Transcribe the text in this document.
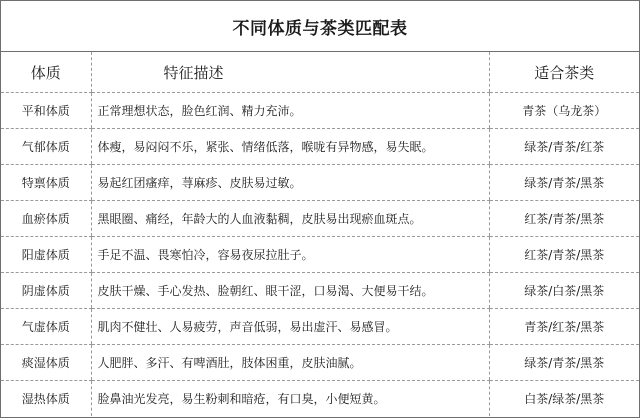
不同体质与茶类匹配表
体质	特征描述	适合茶类
平和体质	正常理想状态，脸色红润、精力充沛。	青茶（乌龙茶）
气郁体质	体瘦，易闷闷不乐，紧张、情绪低落，喉咙有异物感，易失眠。	绿茶/青茶/红茶
特禀体质	易起红团瘙痒，荨麻疹、皮肤易过敏。	绿茶/青茶/黑茶
血瘀体质	黑眼圈、痛经，年龄大的人血液黏稠，皮肤易出现瘀血斑点。	红茶/青茶/黑茶
阳虚体质	手足不温、畏寒怕冷，容易夜尿拉肚子。	红茶/青茶/黑茶
阴虚体质	皮肤干燥、手心发热、脸朝红、眼干涩，口易渴、大便易干结。	绿茶/白茶/黑茶
气虚体质	肌肉不健壮、人易疲劳，声音低弱，易出虚汗、易感冒。	青茶/红茶/黑茶
痰湿体质	人肥胖、多汗、有啤酒肚，肢体困重，皮肤油腻。	绿茶/青茶/黑茶
湿热体质	脸鼻油光发亮，易生粉刺和暗疮，有口臭，小便短黄。	白茶/绿茶/黑茶
